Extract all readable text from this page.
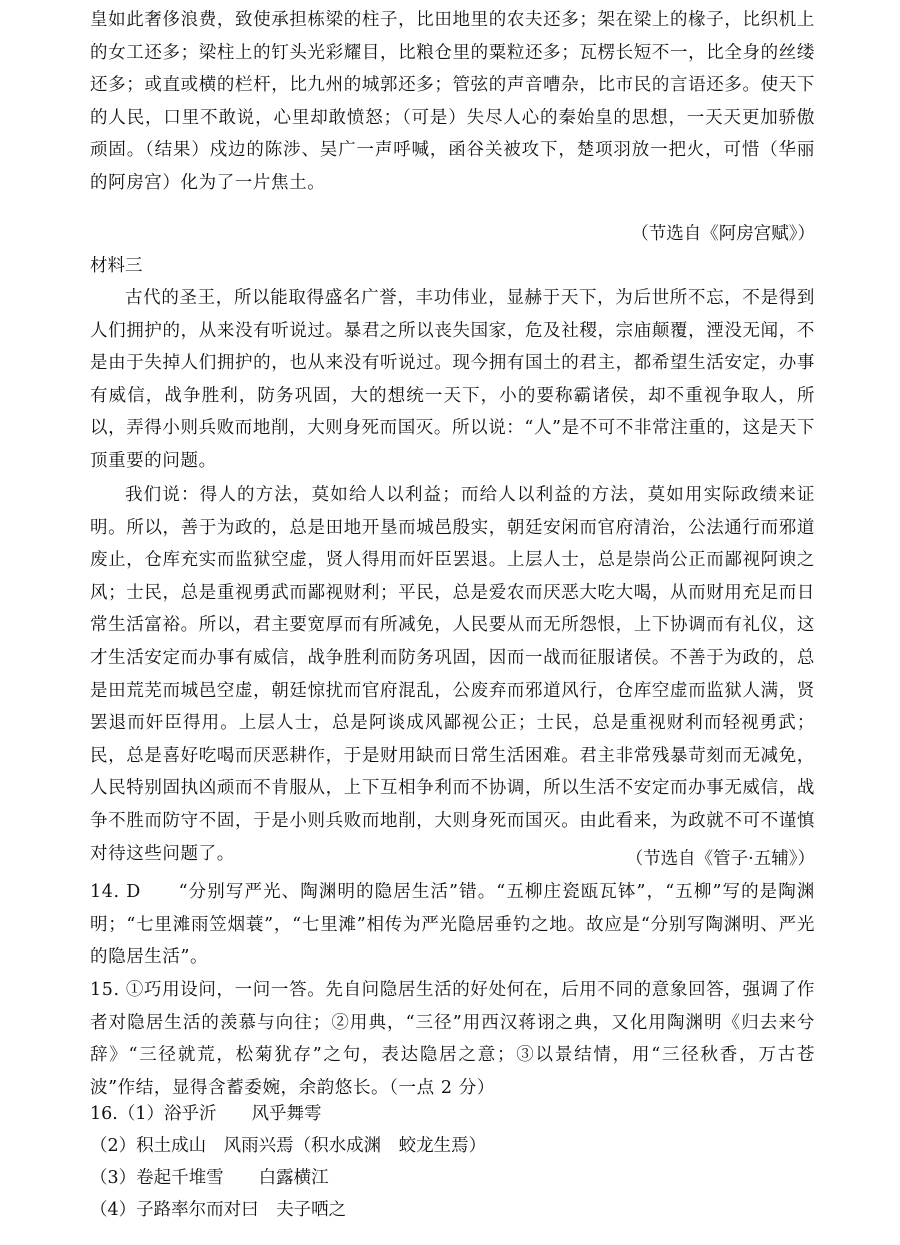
皇如此奢侈浪费，致使承担栋梁的柱子，比田地里的农夫还多；架在梁上的椽子，比织机上的女工还多；梁柱上的钉头光彩耀目，比粮仓里的粟粒还多；瓦楞长短不一，比全身的丝缕还多；或直或横的栏杆，比九州的城郭还多；管弦的声音嘈杂，比市民的言语还多。使天下的人民，口里不敢说，心里却敢愤怒；（可是）失尽人心的秦始皇的思想，一天天更加骄傲顽固。（结果）戍边的陈涉、吴广一声呼喊，函谷关被攻下，楚项羽放一把火，可惜（华丽的阿房宫）化为了一片焦土。
（节选自《阿房宫赋》）
材料三
古代的圣王，所以能取得盛名广誉，丰功伟业，显赫于天下，为后世所不忘，不是得到人们拥护的，从来没有听说过。暴君之所以丧失国家，危及社稷，宗庙颠覆，湮没无闻，不是由于失掉人们拥护的，也从来没有听说过。现今拥有国土的君主，都希望生活安定，办事有威信，战争胜利，防务巩固，大的想统一天下，小的要称霸诸侯，却不重视争取人，所以，弄得小则兵败而地削，大则身死而国灭。所以说：“人”是不可不非常注重的，这是天下顶重要的问题。
我们说：得人的方法，莫如给人以利益；而给人以利益的方法，莫如用实际政绩来证明。所以，善于为政的，总是田地开垦而城邑殷实，朝廷安闲而官府清治，公法通行而邪道废止，仓库充实而监狱空虚，贤人得用而奸臣罢退。上层人士，总是崇尚公正而鄙视阿谀之风；士民，总是重视勇武而鄙视财利；平民，总是爱农而厌恶大吃大喝，从而财用充足而日常生活富裕。所以，君主要宽厚而有所减免，人民要从而无所怨恨，上下协调而有礼仪，这才生活安定而办事有威信，战争胜利而防务巩固，因而一战而征服诸侯。不善于为政的，总是田荒芜而城邑空虚，朝廷惊扰而官府混乱，公废弃而邪道风行，仓库空虚而监狱人满，贤罢退而奸臣得用。上层人士，总是阿谈成风鄙视公正；士民，总是重视财利而轻视勇武；民，总是喜好吃喝而厌恶耕作，于是财用缺而日常生活困难。君主非常残暴苛刻而无减免，人民特别固执凶顽而不肯服从，上下互相争利而不协调，所以生活不安定而办事无威信，战争不胜而防守不固，于是小则兵败而地削，大则身死而国灭。由此看来，为政就不可不谨慎对待这些问题了。	（节选自《管子·五辅》）
14. D　　“分别写严光、陶渊明的隐居生活”错。“五柳庄瓷瓯瓦钵”，“五柳”写的是陶渊明；“七里滩雨笠烟蓑”，“七里滩”相传为严光隐居垂钓之地。故应是“分别写陶渊明、严光的隐居生活”。
15. ①巧用设问，一问一答。先自问隐居生活的好处何在，后用不同的意象回答，强调了作者对隐居生活的羡慕与向往；②用典，“三径”用西汉蒋诩之典，又化用陶渊明《归去来兮辞》“三径就荒，松菊犹存”之句，表达隐居之意；③以景结情，用“三径秋香，万古苍波”作结，显得含蓄委婉，余韵悠长。（一点 2 分）
16.（1）浴乎沂　　风乎舞雩
（2）积土成山　风雨兴焉（积水成渊　蛟龙生焉）
（3）卷起千堆雪　　白露横江
（4）子路率尔而对曰　夫子哂之
